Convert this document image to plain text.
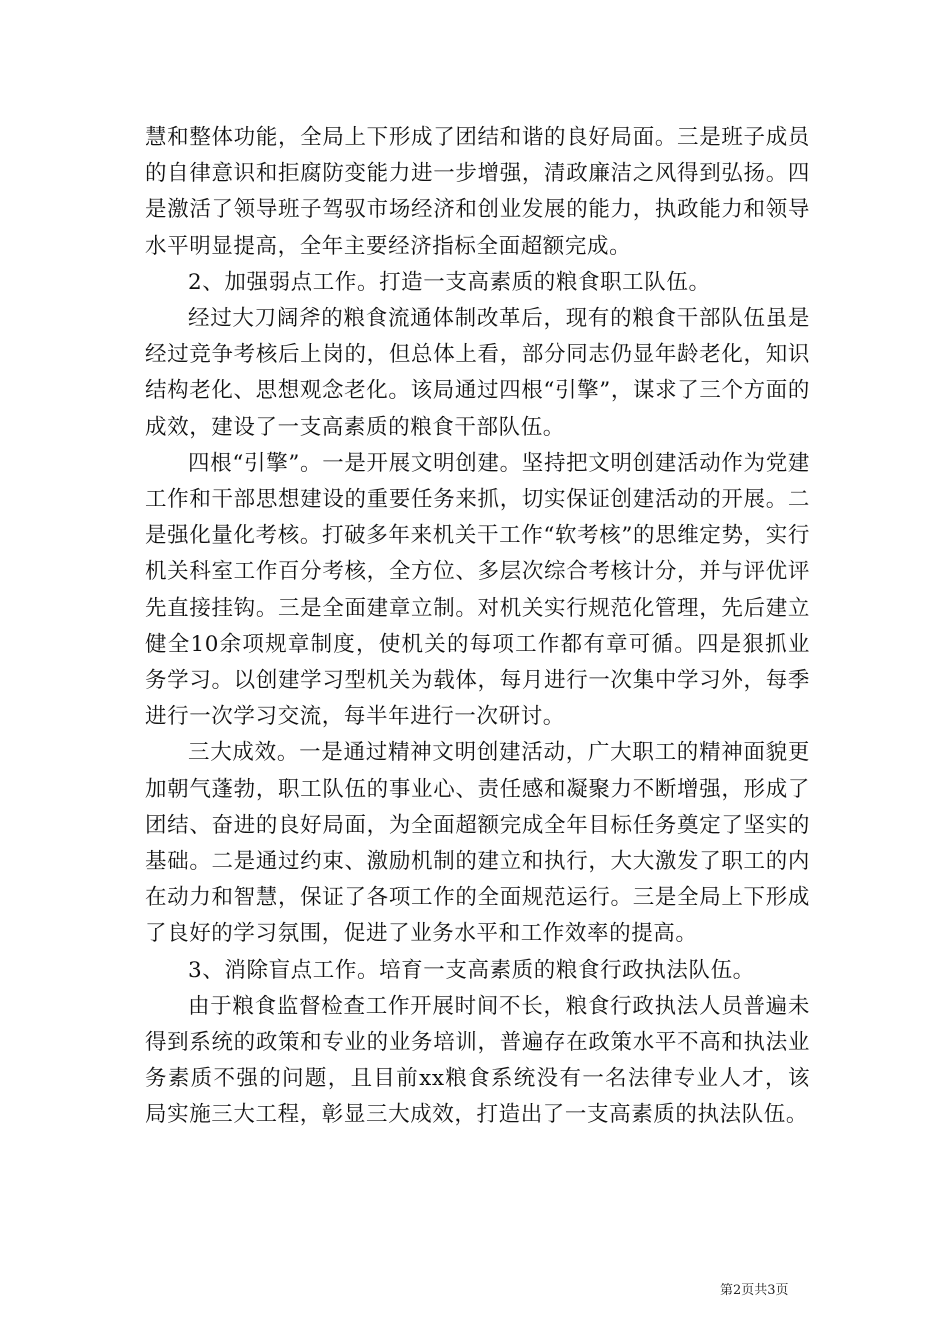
慧和整体功能，全局上下形成了团结和谐的良好局面。三是班子成员的自律意识和拒腐防变能力进一步增强，清政廉洁之风得到弘扬。四是激活了领导班子驾驭市场经济和创业发展的能力，执政能力和领导水平明显提高，全年主要经济指标全面超额完成。

2、加强弱点工作。打造一支高素质的粮食职工队伍。

经过大刀阔斧的粮食流通体制改革后，现有的粮食干部队伍虽是经过竞争考核后上岗的，但总体上看，部分同志仍显年龄老化，知识结构老化、思想观念老化。该局通过四根“引擎”，谋求了三个方面的成效，建设了一支高素质的粮食干部队伍。

四根“引擎”。一是开展文明创建。坚持把文明创建活动作为党建工作和干部思想建设的重要任务来抓，切实保证创建活动的开展。二是强化量化考核。打破多年来机关干工作“软考核”的思维定势，实行机关科室工作百分考核，全方位、多层次综合考核计分，并与评优评先直接挂钩。三是全面建章立制。对机关实行规范化管理，先后建立健全10余项规章制度，使机关的每项工作都有章可循。四是狠抓业务学习。以创建学习型机关为载体，每月进行一次集中学习外，每季进行一次学习交流，每半年进行一次研讨。

三大成效。一是通过精神文明创建活动，广大职工的精神面貌更加朝气蓬勃，职工队伍的事业心、责任感和凝聚力不断增强，形成了团结、奋进的良好局面，为全面超额完成全年目标任务奠定了坚实的基础。二是通过约束、激励机制的建立和执行，大大激发了职工的内在动力和智慧，保证了各项工作的全面规范运行。三是全局上下形成了良好的学习氛围，促进了业务水平和工作效率的提高。

3、消除盲点工作。培育一支高素质的粮食行政执法队伍。

由于粮食监督检查工作开展时间不长，粮食行政执法人员普遍未得到系统的政策和专业的业务培训，普遍存在政策水平不高和执法业务素质不强的问题，且目前xx粮食系统没有一名法律专业人才，该局实施三大工程，彰显三大成效，打造出了一支高素质的执法队伍。

第2页共3页
